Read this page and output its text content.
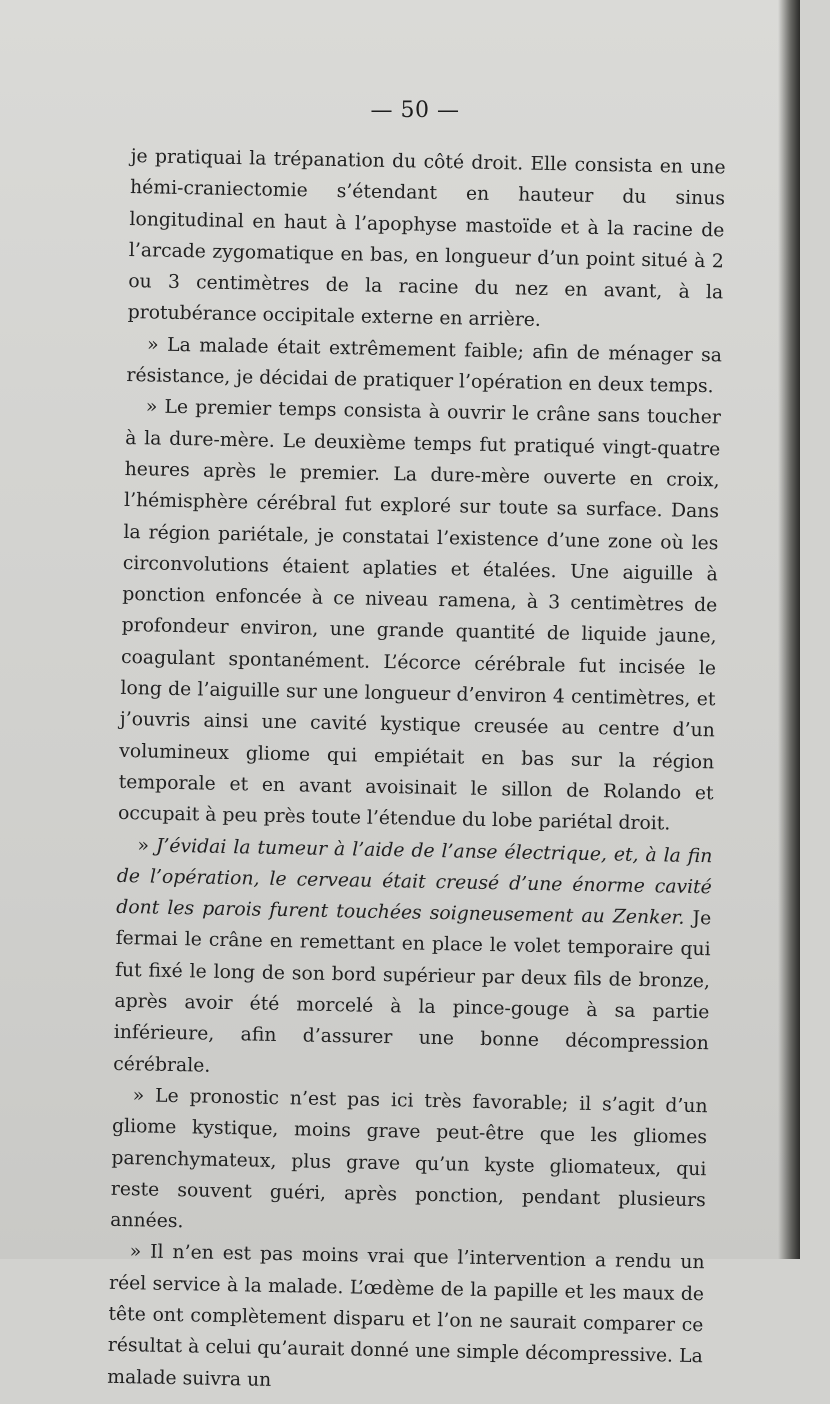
— 50 —

je pratiquai la trépanation du côté droit. Elle consista en une hémi-craniectomie s’étendant en hauteur du sinus longitudinal en haut à l’apophyse mastoïde et à la racine de l’arcade zygomatique en bas, en longueur d’un point situé à 2 ou 3 centimètres de la racine du nez en avant, à la protubérance occipitale externe en arrière.

» La malade était extrêmement faible; afin de ménager sa résistance, je décidai de pratiquer l’opération en deux temps.

» Le premier temps consista à ouvrir le crâne sans toucher à la dure-mère. Le deuxième temps fut pratiqué vingt-quatre heures après le premier. La dure-mère ouverte en croix, l’hémisphère cérébral fut exploré sur toute sa surface. Dans la région pariétale, je constatai l’existence d’une zone où les circonvolutions étaient aplaties et étalées. Une aiguille à ponction enfoncée à ce niveau ramena, à 3 centimètres de profondeur environ, une grande quantité de liquide jaune, coagulant spontanément. L’écorce cérébrale fut incisée le long de l’aiguille sur une longueur d’environ 4 centimètres, et j’ouvris ainsi une cavité kystique creusée au centre d’un volumineux gliome qui empiétait en bas sur la région temporale et en avant avoisinait le sillon de Rolando et occupait à peu près toute l’étendue du lobe pariétal droit.

» J’évidai la tumeur à l’aide de l’anse électrique, et, à la fin de l’opération, le cerveau était creusé d’une énorme cavité dont les parois furent touchées soigneusement au Zenker. Je fermai le crâne en remettant en place le volet temporaire qui fut fixé le long de son bord supérieur par deux fils de bronze, après avoir été morcelé à la pince-gouge à sa partie inférieure, afin d’assurer une bonne décompression cérébrale.

» Le pronostic n’est pas ici très favorable; il s’agit d’un gliome kystique, moins grave peut-être que les gliomes parenchymateux, plus grave qu’un kyste gliomateux, qui reste souvent guéri, après ponction, pendant plusieurs années.

» Il n’en est pas moins vrai que l’intervention a rendu un réel service à la malade. L’œdème de la papille et les maux de tête ont complètement disparu et l’on ne saurait comparer ce résultat à celui qu’aurait donné une simple décompressive. La malade suivra un
